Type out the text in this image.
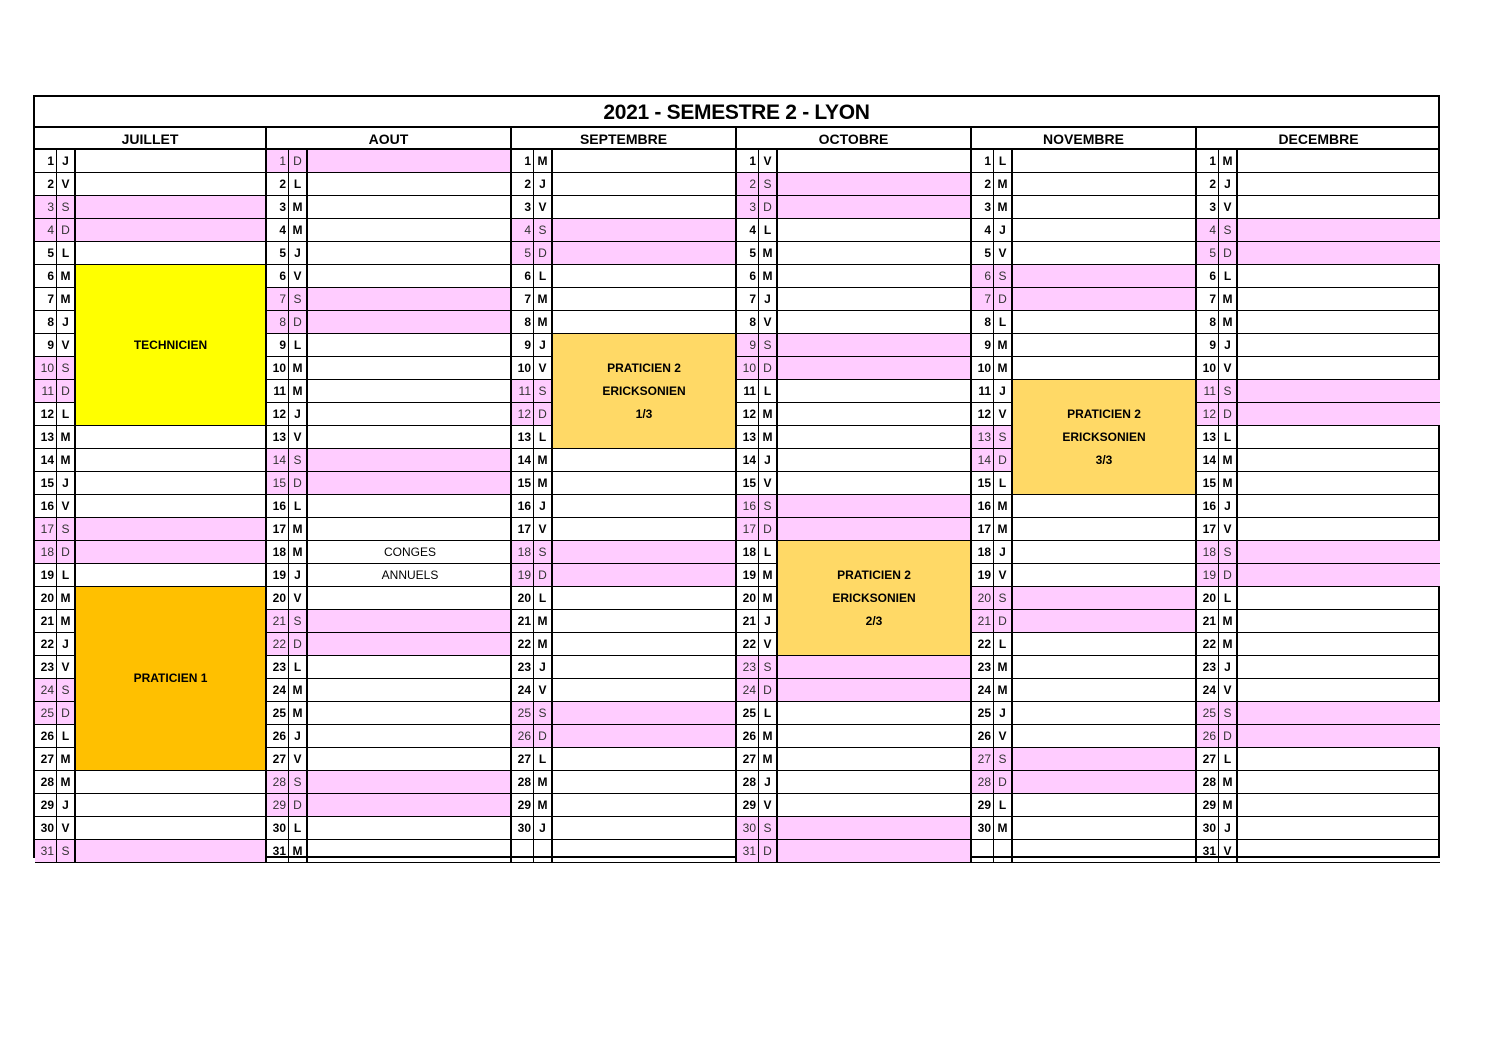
2021 - SEMESTRE 2 - LYON
JUILLET
1 J
2 V
3 S
4 D
5 L
6 M
7 M
8 J
9 V
10 S
11 D
12 L
13 M
14 M
15 J
16 V
17 S
18 D
19 L
20 M
21 M
22 J
23 V
24 S
25 D
26 L
27 M
28 M
29 J
30 V
31 S
AOUT
1 D
2 L
3 M
4 M
5 J
6 V
7 S
8 D
9 L
10 M
11 M
12 J
13 V
14 S
15 D
16 L
17 M
18 M
19 J
20 V
21 S
22 D
23 L
24 M
25 M
26 J
27 V
28 S
29 D
30 L
31 M
SEPTEMBRE
1 M
2 J
3 V
4 S
5 D
6 L
7 M
8 M
9 J
10 V
11 S
12 D
13 L
14 M
15 M
16 J
17 V
18 S
19 D
20 L
21 M
22 M
23 J
24 V
25 S
26 D
27 L
28 M
29 M
30 J
OCTOBRE
1 V
2 S
3 D
4 L
5 M
6 M
7 J
8 V
9 S
10 D
11 L
12 M
13 M
14 J
15 V
16 S
17 D
18 L
19 M
20 M
21 J
22 V
23 S
24 D
25 L
26 M
27 M
28 J
29 V
30 S
31 D
NOVEMBRE
1 L
2 M
3 M
4 J
5 V
6 S
7 D
8 L
9 M
10 M
11 J
12 V
13 S
14 D
15 L
16 M
17 M
18 J
19 V
20 S
21 D
22 L
23 M
24 M
25 J
26 V
27 S
28 D
29 L
30 M
DECEMBRE
1 M
2 J
3 V
4 S
5 D
6 L
7 M
8 M
9 J
10 V
11 S
12 D
13 L
14 M
15 M
16 J
17 V
18 S
19 D
20 L
21 M
22 M
23 J
24 V
25 S
26 D
27 L
28 M
29 M
30 J
31 V
TECHNICIEN
PRATICIEN 1
PRATICIEN 2
ERICKSONIEN
1/3
PRATICIEN 2
ERICKSONIEN
2/3
PRATICIEN 2
ERICKSONIEN
3/3
CONGES
ANNUELS
